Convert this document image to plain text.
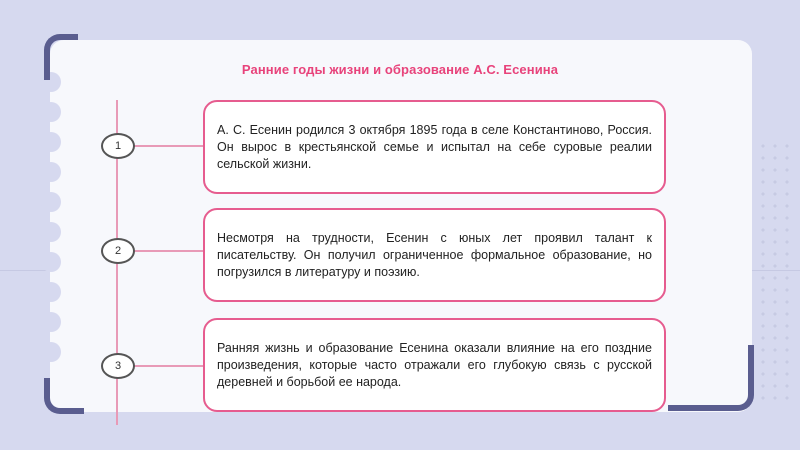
Ранние годы жизни и образование А.С. Есенина
1
А. С. Есенин родился 3 октября 1895 года в селе Константиново, Россия. Он вырос в крестьянской семье и испытал на себе суровые реалии сельской жизни.
2
Несмотря на трудности, Есенин с юных лет проявил талант к писательству. Он получил ограниченное формальное образование, но погрузился в литературу и поэзию.
3
Ранняя жизнь и образование Есенина оказали влияние на его поздние произведения, которые часто отражали его глубокую связь с русской деревней и борьбой ее народа.
